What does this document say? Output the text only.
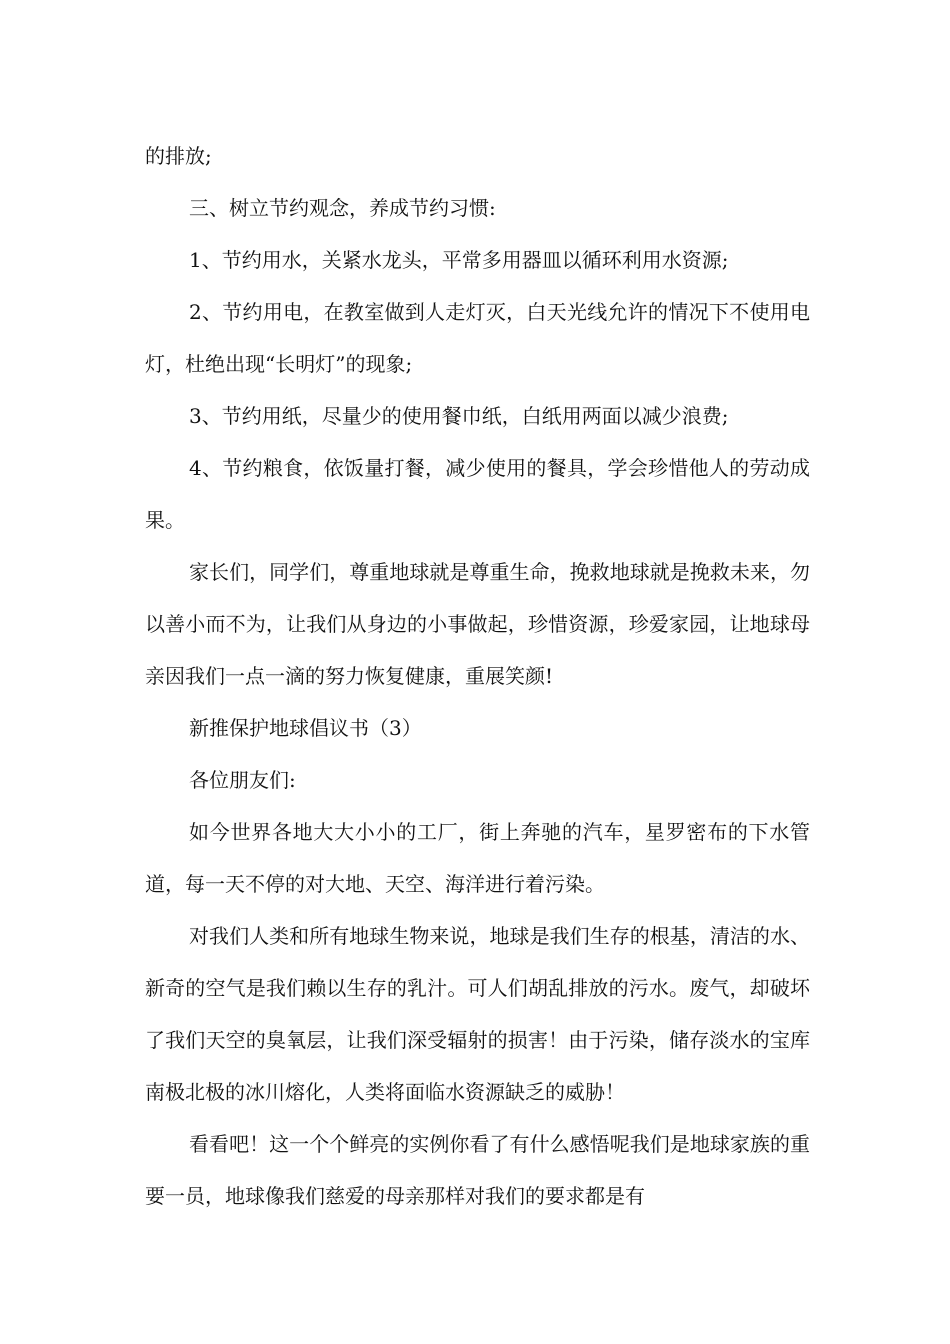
的排放;

三、树立节约观念，养成节约习惯:

1、节约用水，关紧水龙头，平常多用器皿以循环利用水资源;

2、节约用电，在教室做到人走灯灭，白天光线允许的情况下不使用电灯，杜绝出现“长明灯”的现象;

3、节约用纸，尽量少的使用餐巾纸，白纸用两面以减少浪费;

4、节约粮食，依饭量打餐，减少使用的餐具，学会珍惜他人的劳动成果。

家长们，同学们，尊重地球就是尊重生命，挽救地球就是挽救未来，勿以善小而不为，让我们从身边的小事做起，珍惜资源，珍爱家园，让地球母亲因我们一点一滴的努力恢复健康，重展笑颜!

新推保护地球倡议书（3）

各位朋友们:

如今世界各地大大小小的工厂，街上奔驰的汽车，星罗密布的下水管道，每一天不停的对大地、天空、海洋进行着污染。

对我们人类和所有地球生物来说，地球是我们生存的根基，清洁的水、新奇的空气是我们赖以生存的乳汁。可人们胡乱排放的污水。废气，却破坏了我们天空的臭氧层，让我们深受辐射的损害！由于污染，储存淡水的宝库南极北极的冰川熔化，人类将面临水资源缺乏的威胁！

看看吧！这一个个鲜亮的实例你看了有什么感悟呢我们是地球家族的重要一员，地球像我们慈爱的母亲那样对我们的要求都是有
